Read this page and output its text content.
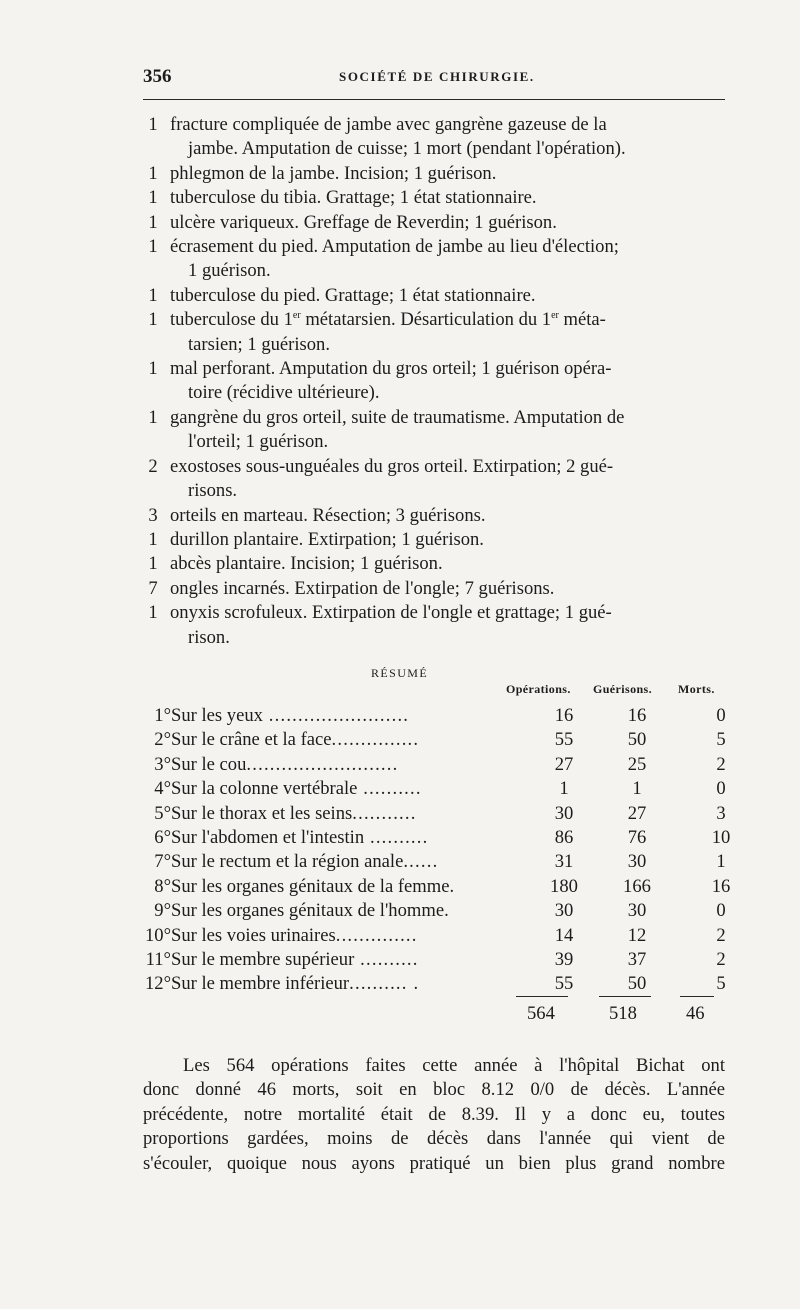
356	SOCIÉTÉ DE CHIRURGIE.

1 fracture compliquée de jambe avec gangrène gazeuse de la
jambe. Amputation de cuisse; 1 mort (pendant l'opération).

1 phlegmon de la jambe. Incision; 1 guérison.

1 tuberculose du tibia. Grattage; 1 état stationnaire.

1 ulcère variqueux. Greffage de Reverdin; 1 guérison.

1 écrasement du pied. Amputation de jambe au lieu d'élection;
1 guérison.

1 tuberculose du pied. Grattage; 1 état stationnaire.

1 tuberculose du 1er métatarsien. Désarticulation du 1er méta-
tarsien; 1 guérison.

1 mal perforant. Amputation du gros orteil; 1 guérison opéra-
toire (récidive ultérieure).

1 gangrène du gros orteil, suite de traumatisme. Amputation de
l'orteil; 1 guérison.

2 exostoses sous-unguéales du gros orteil. Extirpation; 2 gué-
risons.

3 orteils en marteau. Résection; 3 guérisons.

1 durillon plantaire. Extirpation; 1 guérison.

1 abcès plantaire. Incision; 1 guérison.

7 ongles incarnés. Extirpation de l'ongle; 7 guérisons.

1 onyxis scrofuleux. Extirpation de l'ongle et grattage; 1 gué-
rison.

RÉSUMÉ
Opérations. Guérisons. Morts.
1°	Sur les yeux ........................	16	16	0
2°	Sur le crâne et la face...............	55	50	5
3°	Sur le cou..........................	27	25	2
4°	Sur la colonne vertébrale ..........	1	1	0
5°	Sur le thorax et les seins...........	30	27	3
6°	Sur l'abdomen et l'intestin ..........	86	76	10
7°	Sur le rectum et la région anale......	31	30	1
8°	Sur les organes génitaux de la femme.	180	166	16
9°	Sur les organes génitaux de l'homme.	30	30	0
10°	Sur les voies urinaires..............	14	12	2
11°	Sur le membre supérieur ..........	39	37	2
12°	Sur le membre inférieur.......... .	55	50	5
564	518	46
Les 564 opérations faites cette année à l'hôpital Bichat ont
donc donné 46 morts, soit en bloc 8.12 0/0 de décès. L'année
précédente, notre mortalité était de 8.39. Il y a donc eu, toutes
proportions gardées, moins de décès dans l'année qui vient de
s'écouler, quoique nous ayons pratiqué un bien plus grand nombre
